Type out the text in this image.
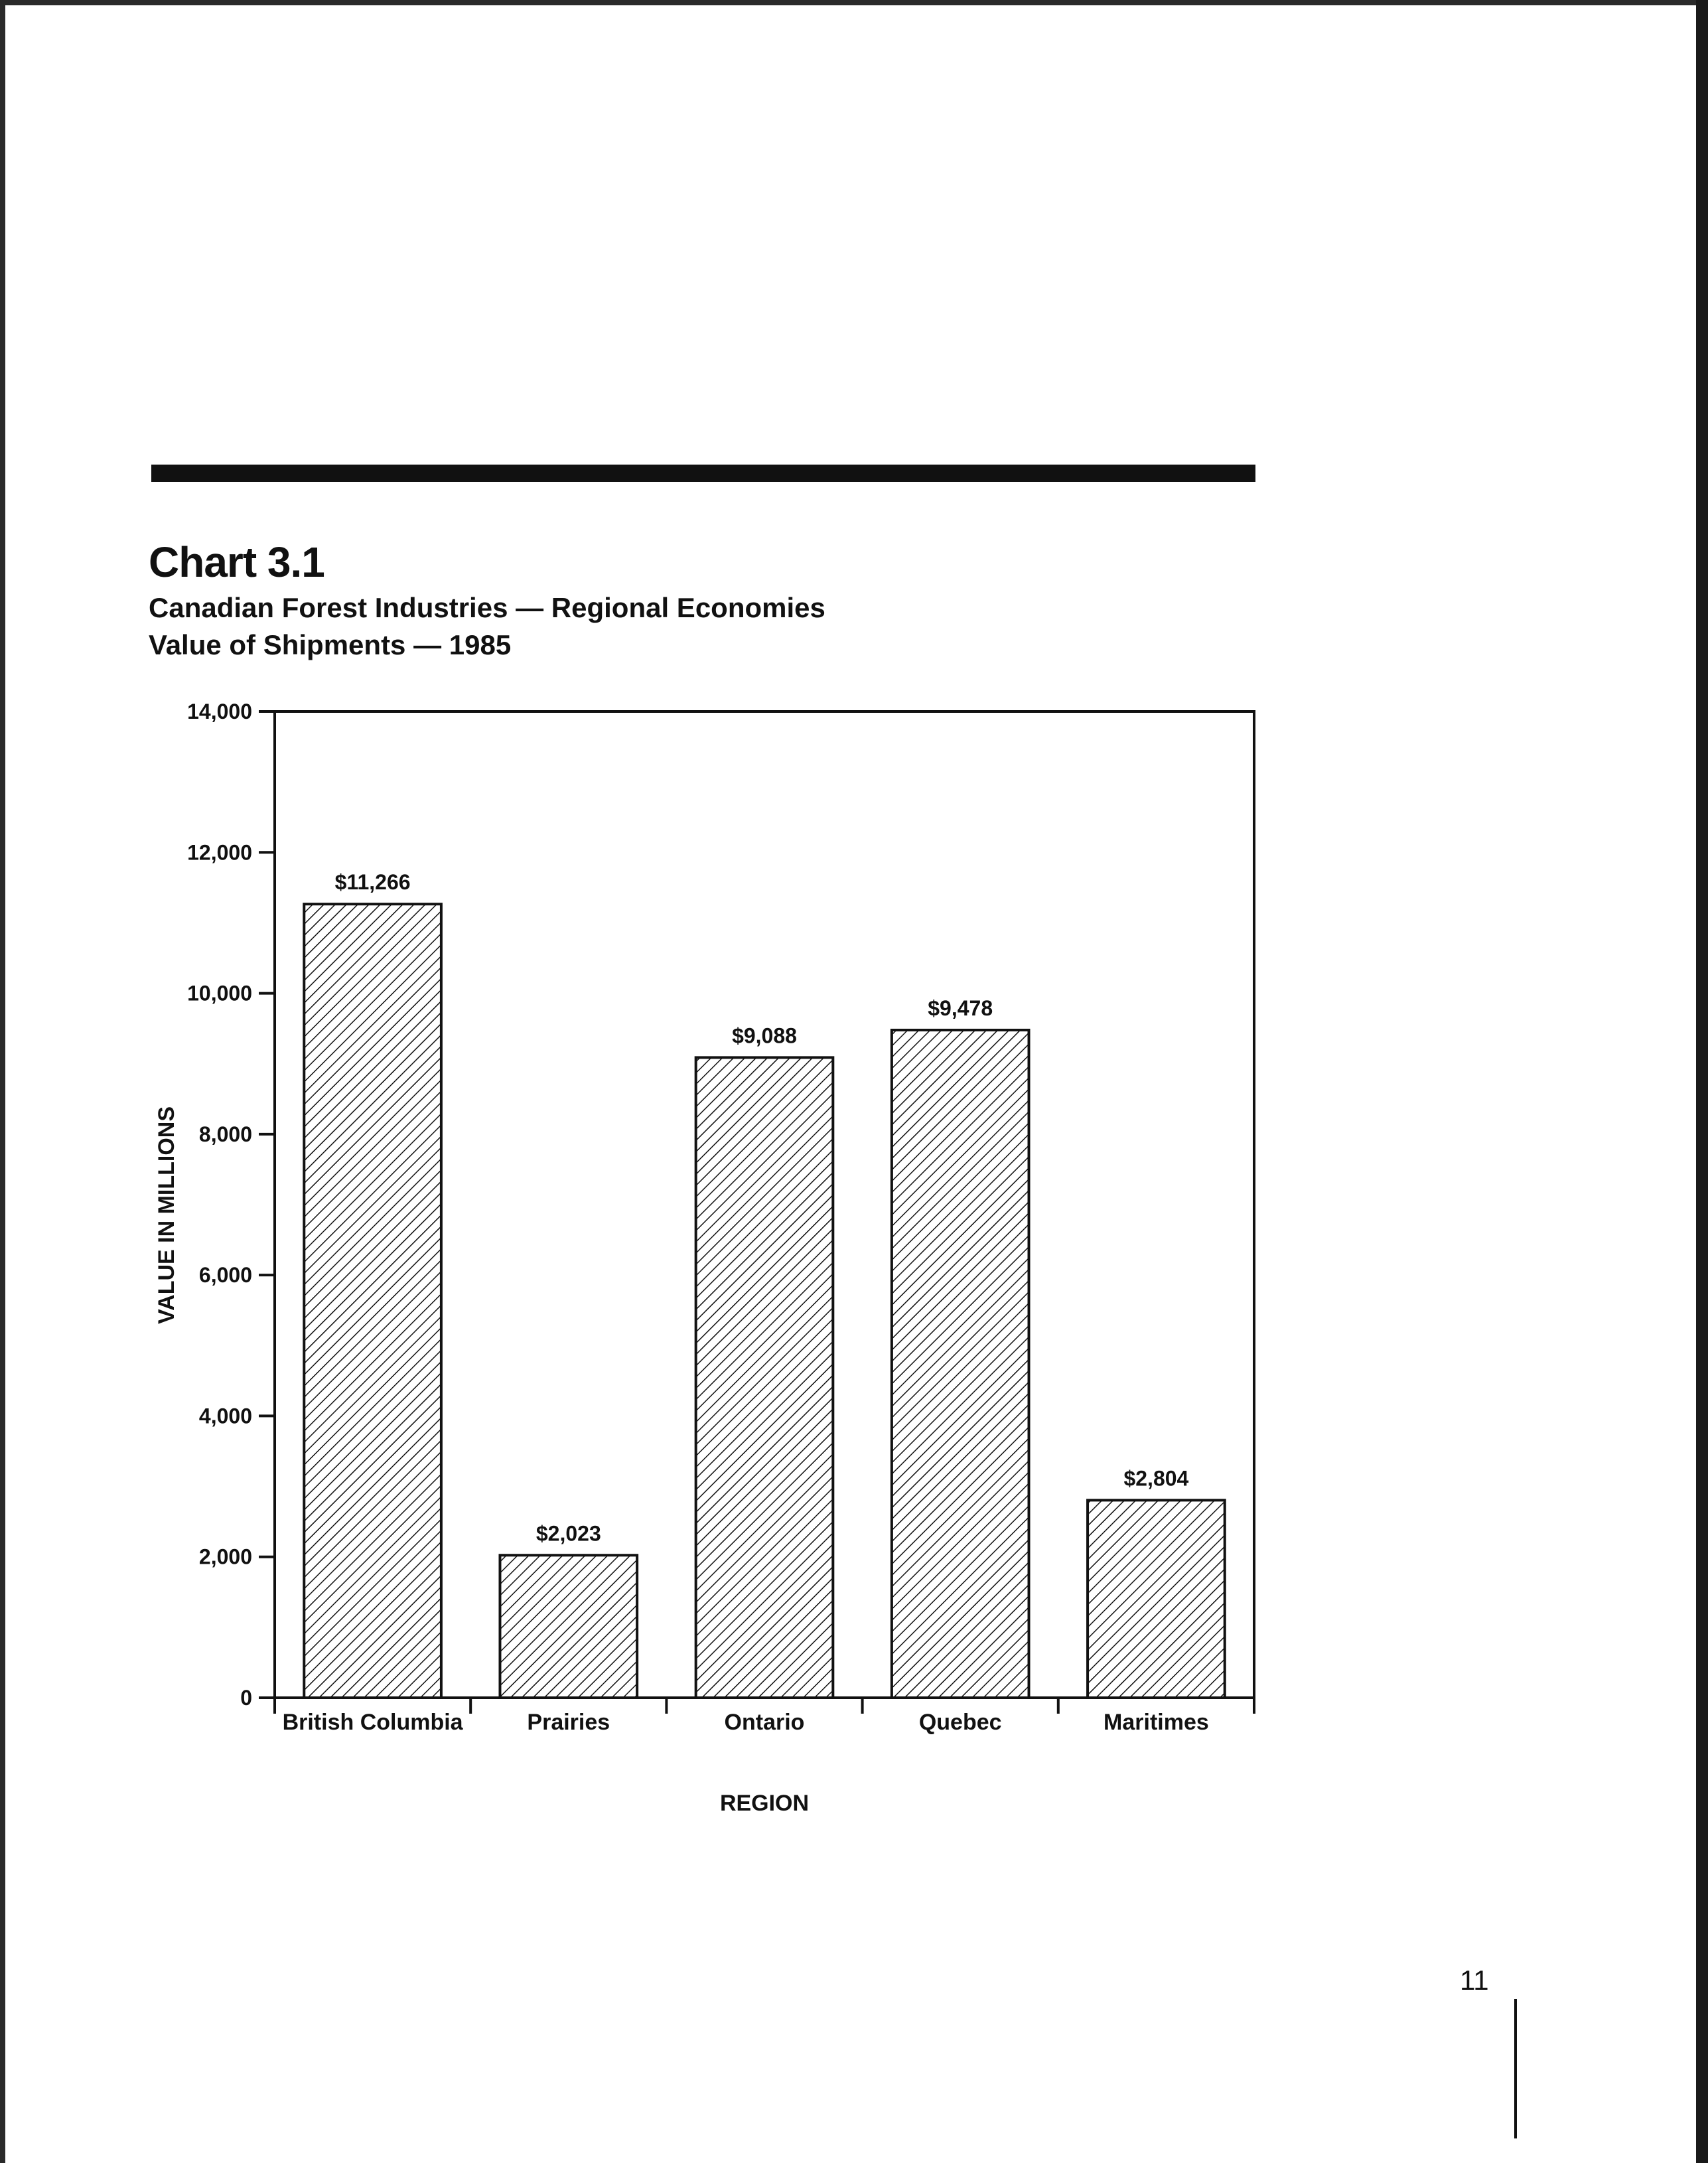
Chart 3.1
Canadian Forest Industries — Regional Economies
Value of Shipments — 1985
0
2,000
4,000
6,000
8,000
10,000
12,000
14,000
British Columbia	Prairies	Ontario	Quebec	Maritimes
$11,266
$2,023
$9,088
$9,478
$2,804
VALUE IN MILLIONS
REGION
11
